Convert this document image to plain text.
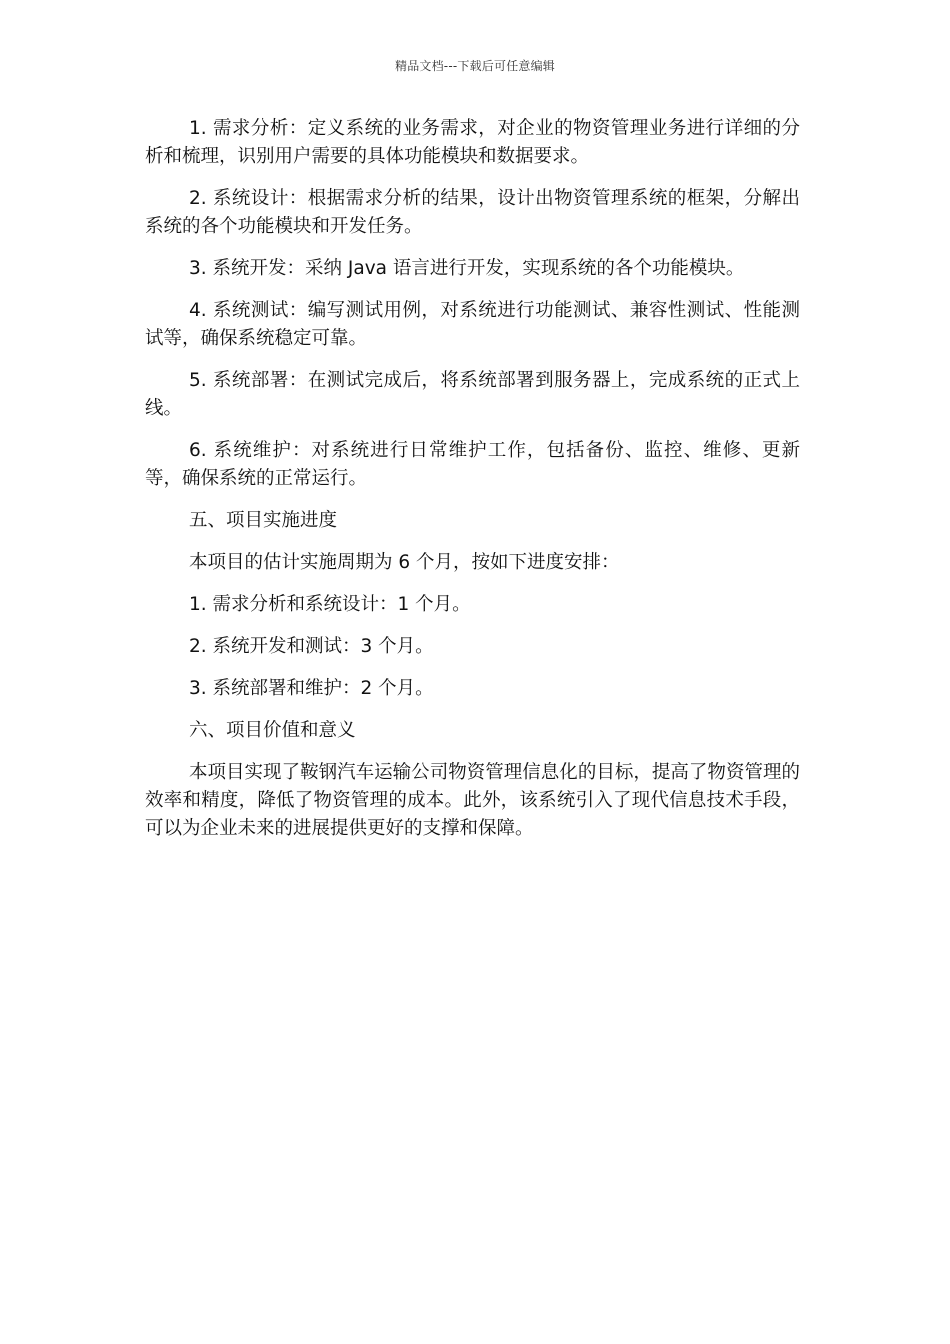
精品文档---下载后可任意编辑

1. 需求分析：定义系统的业务需求，对企业的物资管理业务进行详细的分析和梳理，识别用户需要的具体功能模块和数据要求。

2. 系统设计：根据需求分析的结果，设计出物资管理系统的框架，分解出系统的各个功能模块和开发任务。

3. 系统开发：采纳 Java 语言进行开发，实现系统的各个功能模块。

4. 系统测试：编写测试用例，对系统进行功能测试、兼容性测试、性能测试等，确保系统稳定可靠。

5. 系统部署：在测试完成后，将系统部署到服务器上，完成系统的正式上线。

6. 系统维护：对系统进行日常维护工作，包括备份、监控、维修、更新等，确保系统的正常运行。

五、项目实施进度

本项目的估计实施周期为 6 个月，按如下进度安排：

1. 需求分析和系统设计：1 个月。

2. 系统开发和测试：3 个月。

3. 系统部署和维护：2 个月。

六、项目价值和意义

本项目实现了鞍钢汽车运输公司物资管理信息化的目标，提高了物资管理的效率和精度，降低了物资管理的成本。此外，该系统引入了现代信息技术手段，可以为企业未来的进展提供更好的支撑和保障。
